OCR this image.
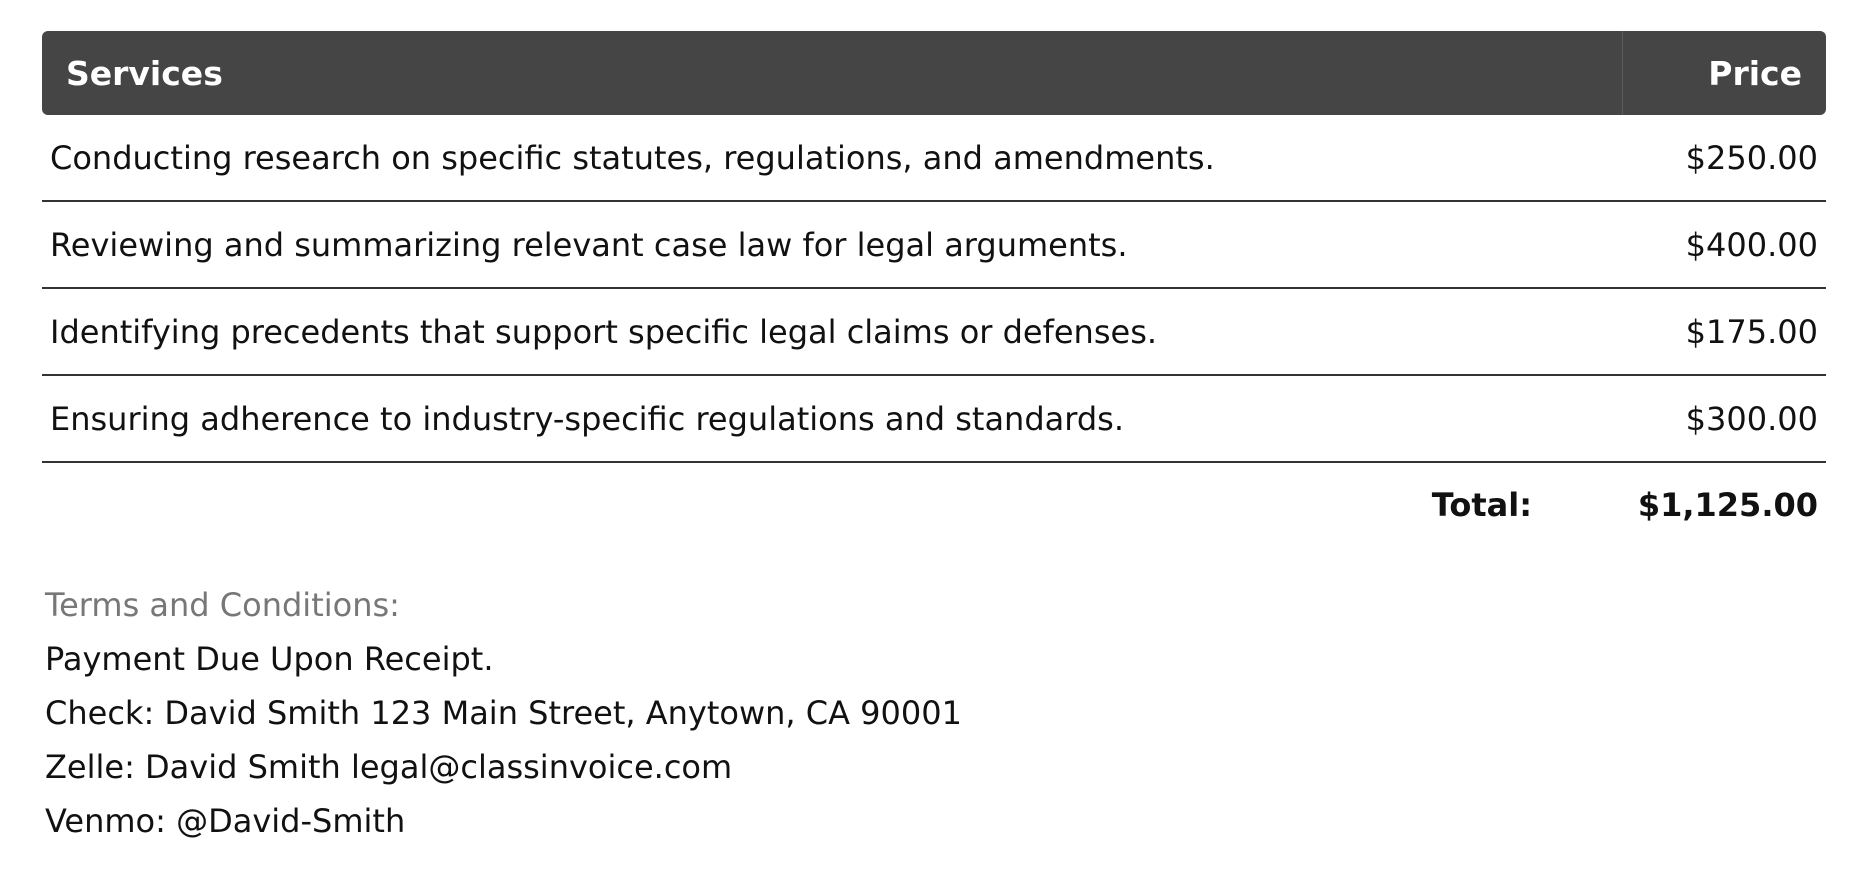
Services	Price
Conducting research on specific statutes, regulations, and amendments.	$250.00
Reviewing and summarizing relevant case law for legal arguments.	$400.00
Identifying precedents that support specific legal claims or defenses.	$175.00
Ensuring adherence to industry-specific regulations and standards.	$300.00
Total:	$1,125.00
Terms and Conditions:
Payment Due Upon Receipt.
Check: David Smith 123 Main Street, Anytown, CA 90001
Zelle: David Smith legal@classinvoice.com
Venmo: @David-Smith
